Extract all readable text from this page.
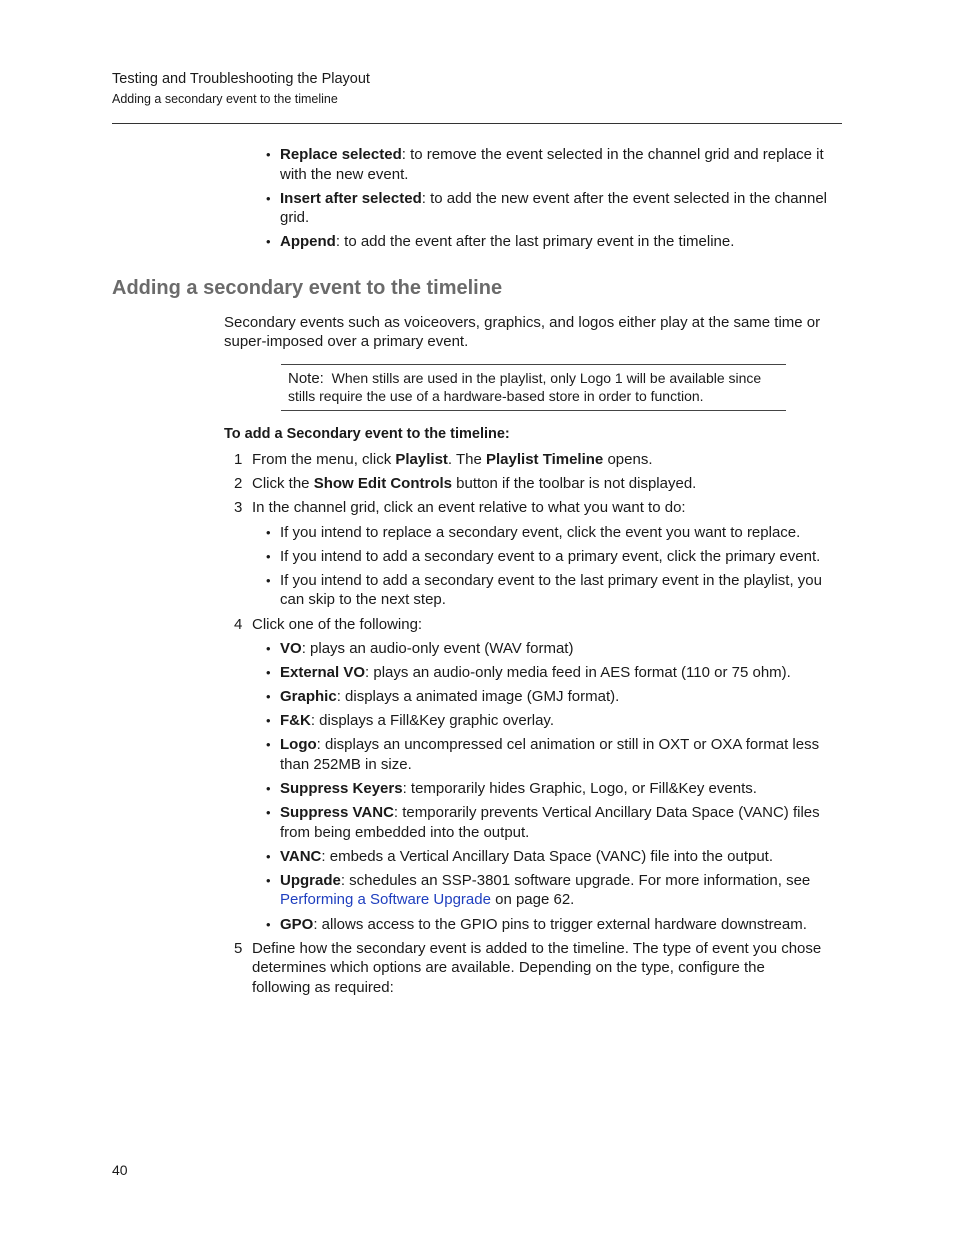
Testing and Troubleshooting the Playout
Adding a secondary event to the timeline
• Replace selected: to remove the event selected in the channel grid and replace it
with the new event.
• Insert after selected: to add the new event after the event selected in the channel
grid.
• Append: to add the event after the last primary event in the timeline.
Adding a secondary event to the timeline
Secondary events such as voiceovers, graphics, and logos either play at the same time or
super-imposed over a primary event.
Note: When stills are used in the playlist, only Logo 1 will be available since
stills require the use of a hardware-based store in order to function.
To add a Secondary event to the timeline:
1 From the menu, click Playlist. The Playlist Timeline opens.
2 Click the Show Edit Controls button if the toolbar is not displayed.
3 In the channel grid, click an event relative to what you want to do:
• If you intend to replace a secondary event, click the event you want to replace.
• If you intend to add a secondary event to a primary event, click the primary event.
• If you intend to add a secondary event to the last primary event in the playlist, you
can skip to the next step.
4 Click one of the following:
• VO: plays an audio-only event (WAV format)
• External VO: plays an audio-only media feed in AES format (110 or 75 ohm).
• Graphic: displays a animated image (GMJ format).
• F&K: displays a Fill&Key graphic overlay.
• Logo: displays an uncompressed cel animation or still in OXT or OXA format less
than 252MB in size.
• Suppress Keyers: temporarily hides Graphic, Logo, or Fill&Key events.
• Suppress VANC: temporarily prevents Vertical Ancillary Data Space (VANC) files
from being embedded into the output.
• VANC: embeds a Vertical Ancillary Data Space (VANC) file into the output.
• Upgrade: schedules an SSP-3801 software upgrade. For more information, see
Performing a Software Upgrade on page 62.
• GPO: allows access to the GPIO pins to trigger external hardware downstream.
5 Define how the secondary event is added to the timeline. The type of event you chose
determines which options are available. Depending on the type, configure the
following as required:
40
